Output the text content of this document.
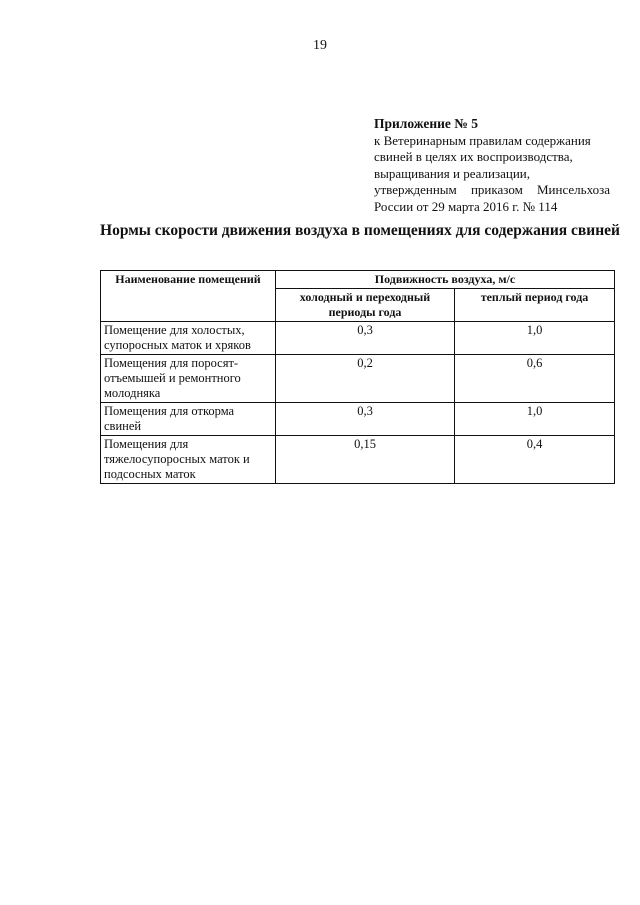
19
Приложение № 5
к Ветеринарным правилам содержания
свиней в целях их воспроизводства,
выращивания и реализации,
утвержденным приказом Минсельхоза
России от 29 марта 2016 г. № 114
Нормы скорости движения воздуха в помещениях для содержания свиней
Наименование помещений	Подвижность воздуха, м/с	
	холодный и переходный периоды года	теплый период года
Помещение для холостых, супоросных маток и хряков	0,3	1,0
Помещения для поросят-отъемышей и ремонтного молодняка	0,2	0,6
Помещения для откорма свиней	0,3	1,0
Помещения для тяжелосупоросных маток и подсосных маток	0,15	0,4
